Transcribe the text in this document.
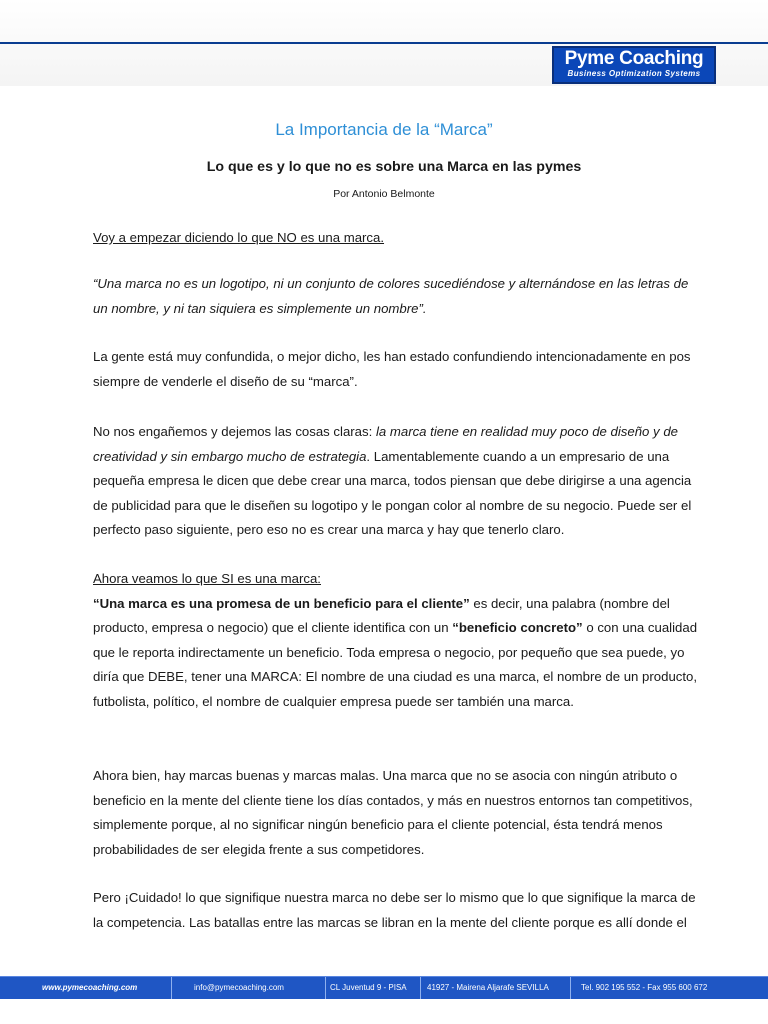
Pyme Coaching
Business Optimization Systems
La Importancia de la “Marca”
Lo que es y lo que no es sobre una Marca en las pymes
Por Antonio Belmonte

Voy a empezar diciendo lo que NO es una marca.

“Una marca no es un logotipo, ni un conjunto de colores sucediéndose y alternándose en las letras de un nombre, y ni tan siquiera es simplemente un nombre”.

La gente está muy confundida, o mejor dicho, les han estado confundiendo intencionadamente en pos siempre de venderle el diseño de su “marca”.

No nos engañemos y dejemos las cosas claras: la marca tiene en realidad muy poco de diseño y de creatividad y sin embargo mucho de estrategia. Lamentablemente cuando a un empresario de una pequeña empresa le dicen que debe crear una marca, todos piensan que debe dirigirse a una agencia de publicidad para que le diseñen su logotipo y le pongan color al nombre de su negocio. Puede ser el perfecto paso siguiente, pero eso no es crear una marca y hay que tenerlo claro.

Ahora veamos lo que SI es una marca:
“Una marca es una promesa de un beneficio para el cliente” es decir, una palabra (nombre del producto, empresa o negocio) que el cliente identifica con un “beneficio concreto” o con una cualidad que le reporta indirectamente un beneficio. Toda empresa o negocio, por pequeño que sea puede, yo diría que DEBE, tener una MARCA: El nombre de una ciudad es una marca, el nombre de un producto, futbolista, político, el nombre de cualquier empresa puede ser también una marca.

Ahora bien, hay marcas buenas y marcas malas. Una marca que no se asocia con ningún atributo o beneficio en la mente del cliente tiene los días contados, y más en nuestros entornos tan competitivos, simplemente porque, al no significar ningún beneficio para el cliente potencial, ésta tendrá menos probabilidades de ser elegida frente a sus competidores.

Pero ¡Cuidado! lo que signifique nuestra marca no debe ser lo mismo que lo que signifique la marca de la competencia. Las batallas entre las marcas se libran en la mente del cliente porque es allí donde el

www.pymecoaching.com	info@pymecoaching.com	CL Juventud 9 - PISA	41927 - Mairena Aljarafe SEVILLA	Tel. 902 195 552 - Fax 955 600 672
